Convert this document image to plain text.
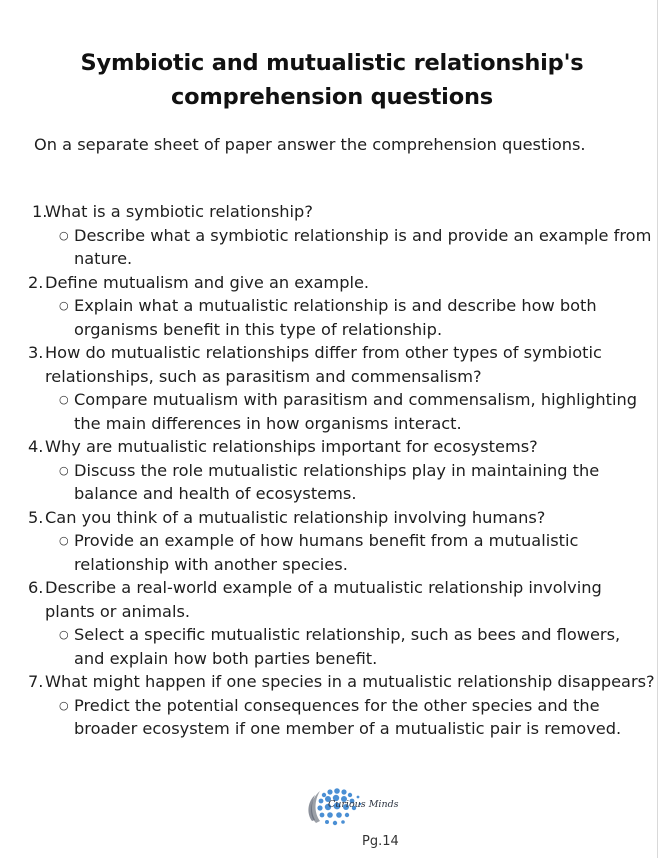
Symbiotic and mutualistic relationship's comprehension questions

On a separate sheet of paper answer the comprehension questions.

1.
What is a symbiotic relationship?
○ Describe what a symbiotic relationship is and provide an example from nature.
2. Define mutualism and give an example.
○ Explain what a mutualistic relationship is and describe how both organisms benefit in this type of relationship.
3. How do mutualistic relationships differ from other types of symbiotic relationships, such as parasitism and commensalism?
○ Compare mutualism with parasitism and commensalism, highlighting the main differences in how organisms interact.
4. Why are mutualistic relationships important for ecosystems?
○ Discuss the role mutualistic relationships play in maintaining the balance and health of ecosystems.
5. Can you think of a mutualistic relationship involving humans?
○ Provide an example of how humans benefit from a mutualistic relationship with another species.
6. Describe a real-world example of a mutualistic relationship involving plants or animals.
○ Select a specific mutualistic relationship, such as bees and flowers, and explain how both parties benefit.
7. What might happen if one species in a mutualistic relationship disappears?
○ Predict the potential consequences for the other species and the broader ecosystem if one member of a mutualistic pair is removed.
Curious Minds
Pg.14
